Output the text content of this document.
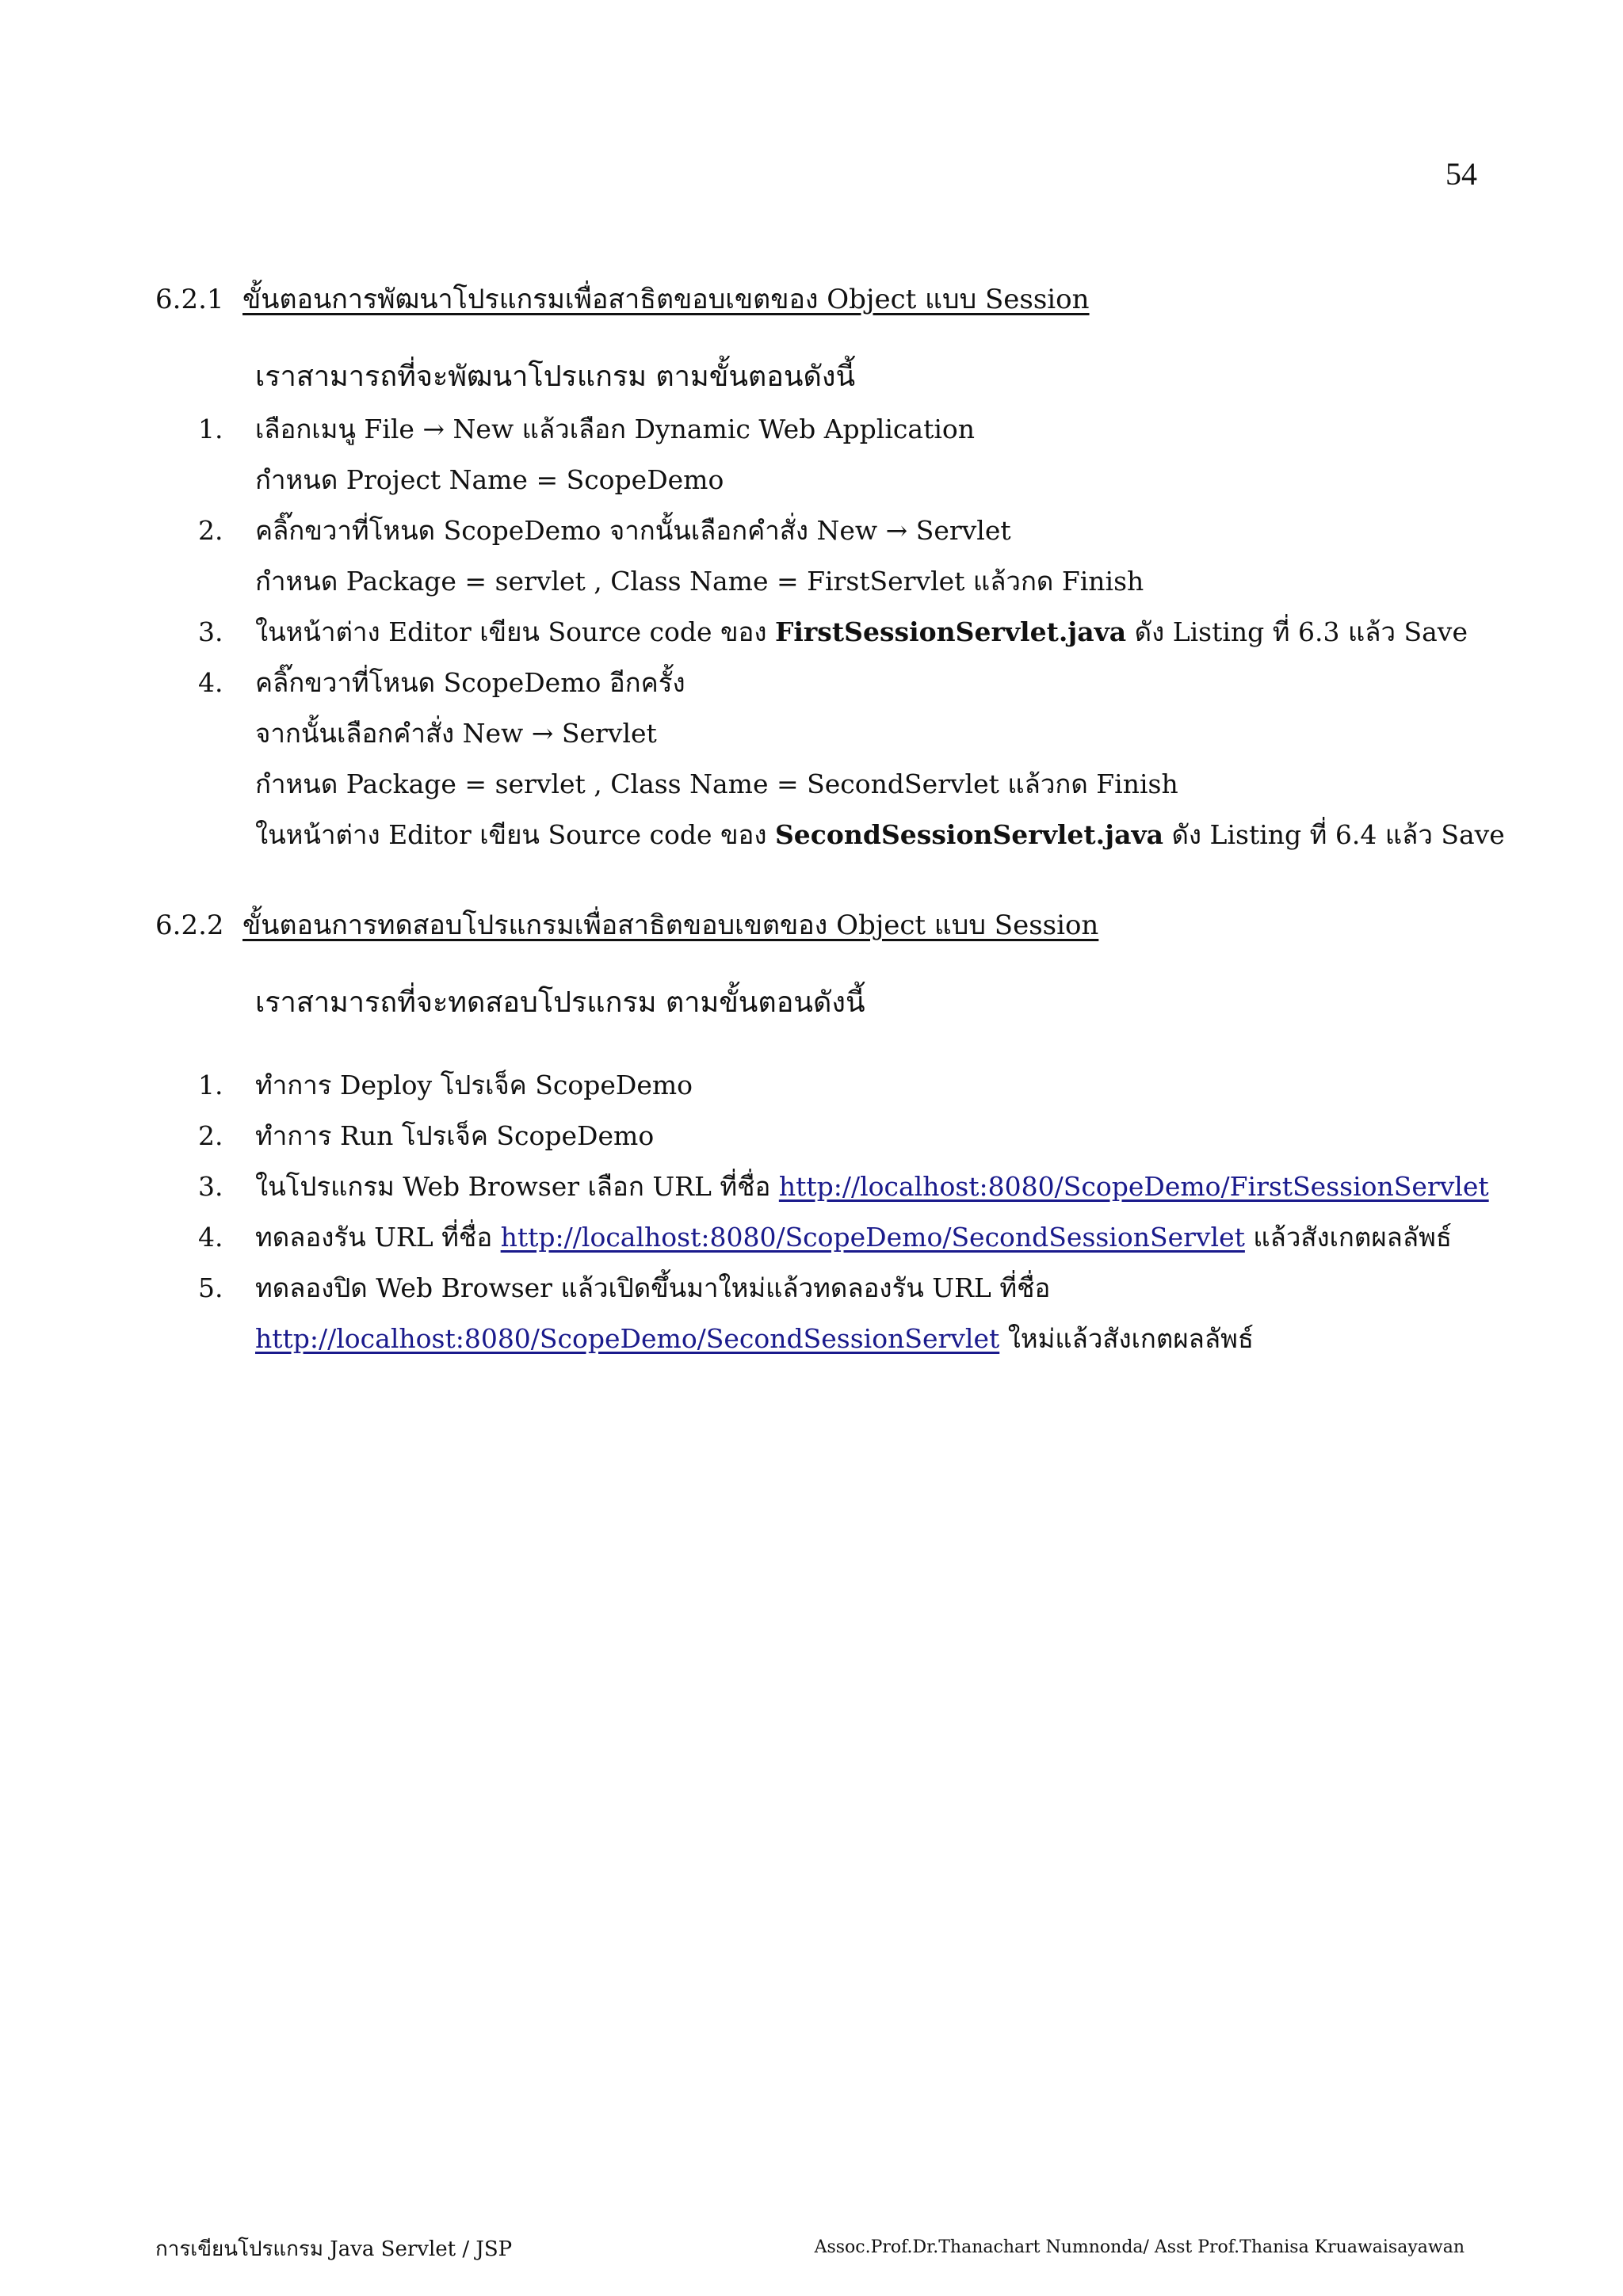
54
6.2.1 ขั้นตอนการพัฒนาโปรแกรมเพื่อสาธิตขอบเขตของ Object แบบ Session
เราสามารถที่จะพัฒนาโปรแกรม ตามขั้นตอนดังนี้
1. เลือกเมนู File → New แล้วเลือก Dynamic Web Application
กำหนด Project Name = ScopeDemo
2. คลิ๊กขวาที่โหนด ScopeDemo จากนั้นเลือกคำสั่ง New → Servlet
กำหนด Package = servlet , Class Name = FirstServlet แล้วกด Finish
3. ในหน้าต่าง Editor เขียน Source code ของ FirstSessionServlet.java ดัง Listing ที่ 6.3 แล้ว Save
4. คลิ๊กขวาที่โหนด ScopeDemo อีกครั้ง
จากนั้นเลือกคำสั่ง New → Servlet
กำหนด Package = servlet , Class Name = SecondServlet แล้วกด Finish
ในหน้าต่าง Editor เขียน Source code ของ SecondSessionServlet.java ดัง Listing ที่ 6.4 แล้ว Save
6.2.2 ขั้นตอนการทดสอบโปรแกรมเพื่อสาธิตขอบเขตของ Object แบบ Session
เราสามารถที่จะทดสอบโปรแกรม ตามขั้นตอนดังนี้
1. ทำการ Deploy โปรเจ็ค ScopeDemo
2. ทำการ Run โปรเจ็ค ScopeDemo
3. ในโปรแกรม Web Browser เลือก URL ที่ชื่อ http://localhost:8080/ScopeDemo/FirstSessionServlet
4. ทดลองรัน URL ที่ชื่อ http://localhost:8080/ScopeDemo/SecondSessionServlet แล้วสังเกตผลลัพธ์
5. ทดลองปิด Web Browser แล้วเปิดขึ้นมาใหม่แล้วทดลองรัน URL ที่ชื่อ
http://localhost:8080/ScopeDemo/SecondSessionServlet ใหม่แล้วสังเกตผลลัพธ์
การเขียนโปรแกรม Java Servlet / JSP	Assoc.Prof.Dr.Thanachart Numnonda/ Asst Prof.Thanisa Kruawaisayawan
